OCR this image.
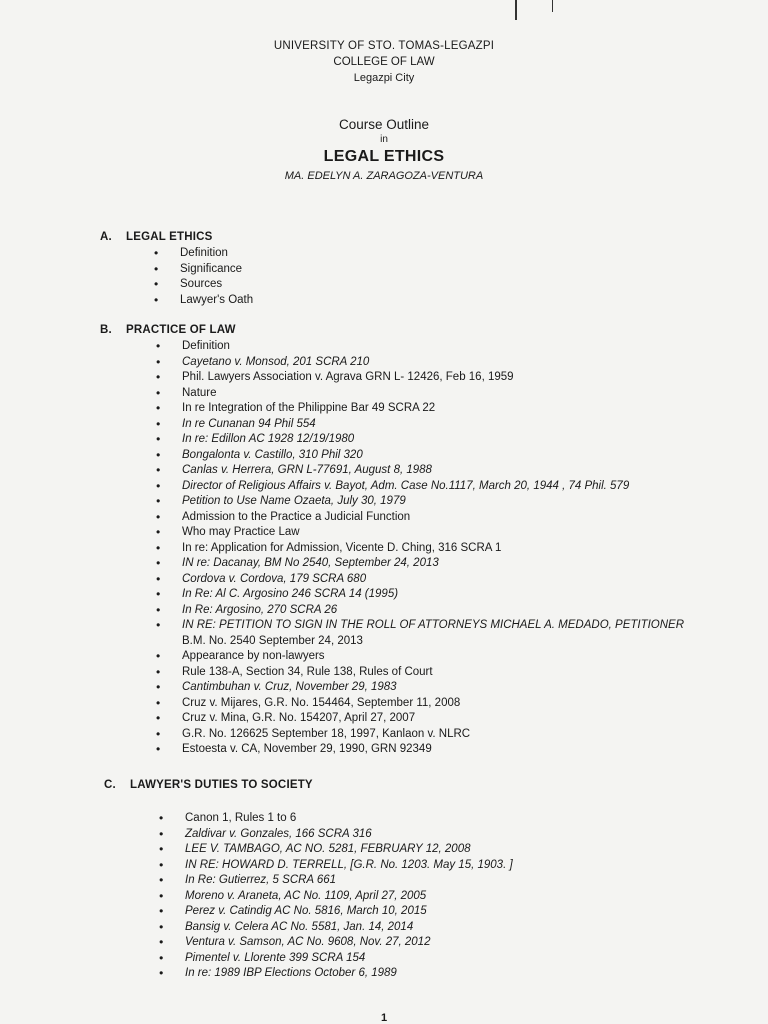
UNIVERSITY OF STO. TOMAS-LEGAZPI
COLLEGE OF LAW
Legazpi City
Course Outline
in
LEGAL ETHICS
MA. EDELYN A. ZARAGOZA-VENTURA
A. LEGAL ETHICS
• Definition
• Significance
• Sources
• Lawyer's Oath
B. PRACTICE OF LAW
• Definition
• Cayetano v. Monsod, 201 SCRA 210
• Phil. Lawyers Association v. Agrava GRN L- 12426, Feb 16, 1959
• Nature
• In re Integration of the Philippine Bar 49 SCRA 22
• In re Cunanan 94 Phil 554
• In re: Edillon AC 1928 12/19/1980
• Bongalonta v. Castillo, 310 Phil 320
• Canlas v. Herrera, GRN L-77691, August 8, 1988
• Director of Religious Affairs v. Bayot, Adm. Case No.1117, March 20, 1944 , 74 Phil. 579
• Petition to Use Name Ozaeta, July 30, 1979
• Admission to the Practice a Judicial Function
• Who may Practice Law
• In re: Application for Admission, Vicente D. Ching, 316 SCRA 1
• IN re: Dacanay, BM No 2540, September 24, 2013
• Cordova v. Cordova, 179 SCRA 680
• In Re: Al C. Argosino 246 SCRA 14 (1995)
• In Re: Argosino, 270 SCRA 26
• IN RE: PETITION TO SIGN IN THE ROLL OF ATTORNEYS MICHAEL A. MEDADO, PETITIONER
B.M. No. 2540 September 24, 2013
• Appearance by non-lawyers
• Rule 138-A, Section 34, Rule 138, Rules of Court
• Cantimbuhan v. Cruz, November 29, 1983
• Cruz v. Mijares, G.R. No. 154464, September 11, 2008
• Cruz v. Mina, G.R. No. 154207, April 27, 2007
• G.R. No. 126625 September 18, 1997, Kanlaon v. NLRC
• Estoesta v. CA, November 29, 1990, GRN 92349
C. LAWYER'S DUTIES TO SOCIETY
• Canon 1, Rules 1 to 6
• Zaldivar v. Gonzales, 166 SCRA 316
• LEE V. TAMBAGO, AC NO. 5281, FEBRUARY 12, 2008
• IN RE: HOWARD D. TERRELL, [G.R. No. 1203. May 15, 1903. ]
• In Re: Gutierrez, 5 SCRA 661
• Moreno v. Araneta, AC No. 1109, April 27, 2005
• Perez v. Catindig AC No. 5816, March 10, 2015
• Bansig v. Celera AC No. 5581, Jan. 14, 2014
• Ventura v. Samson, AC No. 9608, Nov. 27, 2012
• Pimentel v. Llorente 399 SCRA 154
• In re: 1989 IBP Elections October 6, 1989
1
